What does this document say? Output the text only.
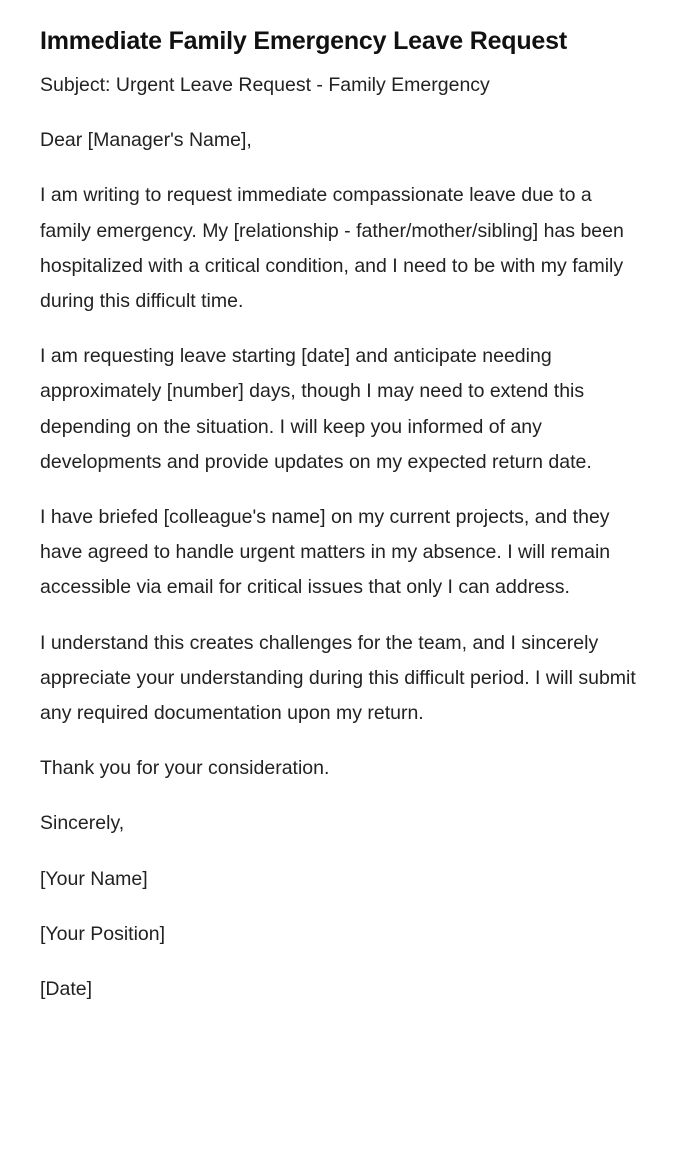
Immediate Family Emergency Leave Request

Subject: Urgent Leave Request - Family Emergency

Dear [Manager's Name],

I am writing to request immediate compassionate leave due to a family emergency. My [relationship - father/mother/sibling] has been hospitalized with a critical condition, and I need to be with my family during this difficult time.

I am requesting leave starting [date] and anticipate needing approximately [number] days, though I may need to extend this depending on the situation. I will keep you informed of any developments and provide updates on my expected return date.

I have briefed [colleague's name] on my current projects, and they have agreed to handle urgent matters in my absence. I will remain accessible via email for critical issues that only I can address.

I understand this creates challenges for the team, and I sincerely appreciate your understanding during this difficult period. I will submit any required documentation upon my return.

Thank you for your consideration.

Sincerely,

[Your Name]

[Your Position]

[Date]
